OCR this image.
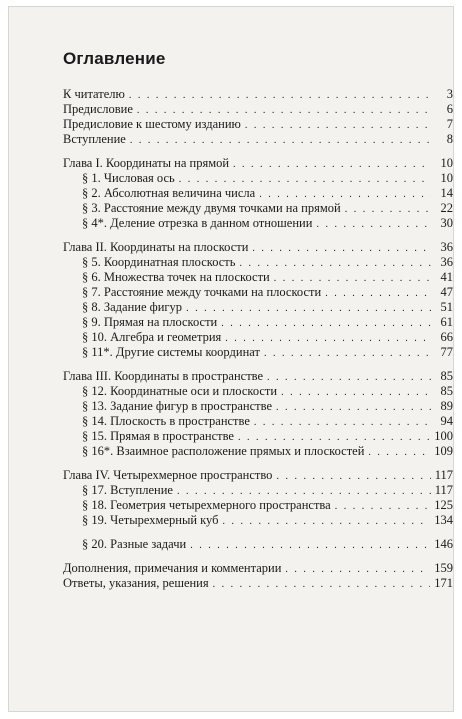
Оглавление
К читателю . . .	3
Предисловие . . .	6
Предисловие к шестому изданию . . .	7
Вступление . . .	8
Глава I. Координаты на прямой . . .	10
§ 1. Числовая ось . . .	10
§ 2. Абсолютная величина числа . . .	14
§ 3. Расстояние между двумя точками на прямой . . .	22
§ 4*. Деление отрезка в данном отношении . . .	30
Глава II. Координаты на плоскости . . .	36
§ 5. Координатная плоскость . . .	36
§ 6. Множества точек на плоскости . . .	41
§ 7. Расстояние между точками на плоскости . . .	47
§ 8. Задание фигур . . .	51
§ 9. Прямая на плоскости . . .	61
§ 10. Алгебра и геометрия . . .	66
§ 11*. Другие системы координат . . .	77
Глава III. Координаты в пространстве . . .	85
§ 12. Координатные оси и плоскости . . .	85
§ 13. Задание фигур в пространстве . . .	89
§ 14. Плоскость в пространстве . . .	94
§ 15. Прямая в пространстве . . .	100
§ 16*. Взаимное расположение прямых и плоскостей . . .	109
Глава IV. Четырехмерное пространство . . .	117
§ 17. Вступление . . .	117
§ 18. Геометрия четырехмерного пространства . . .	125
§ 19. Четырехмерный куб . . .	134
§ 20. Разные задачи . . .	146
Дополнения, примечания и комментарии . . .	159
Ответы, указания, решения . . .	171
